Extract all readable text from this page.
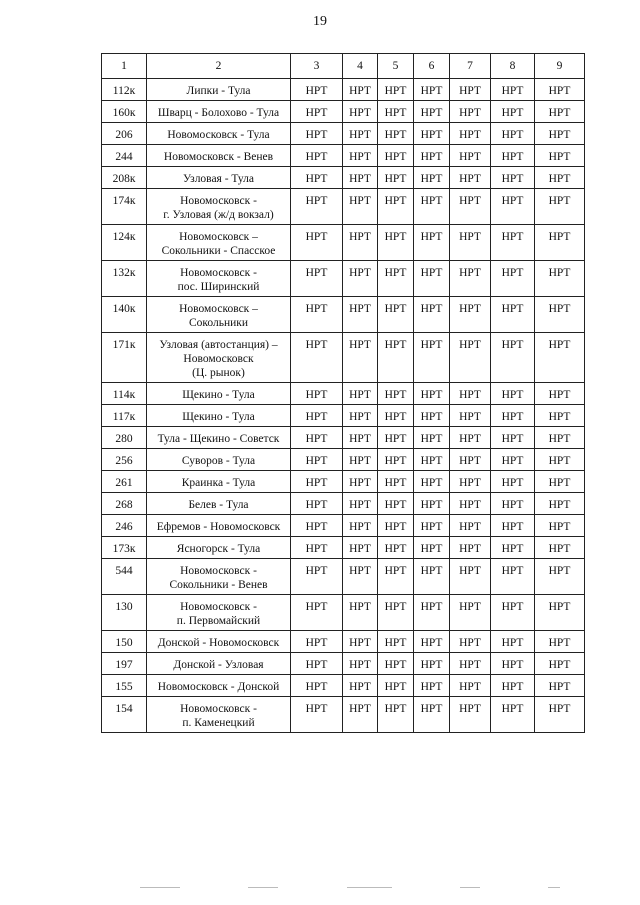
19
1	2	3	4	5	6	7	8	9
112к	Липки - Тула	НРТ	НРТ	НРТ	НРТ	НРТ	НРТ	НРТ
160к	Шварц - Болохово - Тула	НРТ	НРТ	НРТ	НРТ	НРТ	НРТ	НРТ
206	Новомосковск - Тула	НРТ	НРТ	НРТ	НРТ	НРТ	НРТ	НРТ
244	Новомосковск - Венев	НРТ	НРТ	НРТ	НРТ	НРТ	НРТ	НРТ
208к	Узловая - Тула	НРТ	НРТ	НРТ	НРТ	НРТ	НРТ	НРТ
174к	Новомосковск -
г. Узловая (ж/д вокзал)	НРТ	НРТ	НРТ	НРТ	НРТ	НРТ	НРТ
124к	Новомосковск –
Сокольники - Спасское	НРТ	НРТ	НРТ	НРТ	НРТ	НРТ	НРТ
132к	Новомосковск -
пос. Ширинский	НРТ	НРТ	НРТ	НРТ	НРТ	НРТ	НРТ
140к	Новомосковск –
Сокольники	НРТ	НРТ	НРТ	НРТ	НРТ	НРТ	НРТ
171к	Узловая (автостанция) –
Новомосковск
(Ц. рынок)	НРТ	НРТ	НРТ	НРТ	НРТ	НРТ	НРТ
114к	Щекино - Тула	НРТ	НРТ	НРТ	НРТ	НРТ	НРТ	НРТ
117к	Щекино - Тула	НРТ	НРТ	НРТ	НРТ	НРТ	НРТ	НРТ
280	Тула - Щекино - Советск	НРТ	НРТ	НРТ	НРТ	НРТ	НРТ	НРТ
256	Суворов - Тула	НРТ	НРТ	НРТ	НРТ	НРТ	НРТ	НРТ
261	Краинка - Тула	НРТ	НРТ	НРТ	НРТ	НРТ	НРТ	НРТ
268	Белев - Тула	НРТ	НРТ	НРТ	НРТ	НРТ	НРТ	НРТ
246	Ефремов - Новомосковск	НРТ	НРТ	НРТ	НРТ	НРТ	НРТ	НРТ
173к	Ясногорск - Тула	НРТ	НРТ	НРТ	НРТ	НРТ	НРТ	НРТ
544	Новомосковск -
Сокольники - Венев	НРТ	НРТ	НРТ	НРТ	НРТ	НРТ	НРТ
130	Новомосковск -
п. Первомайский	НРТ	НРТ	НРТ	НРТ	НРТ	НРТ	НРТ
150	Донской - Новомосковск	НРТ	НРТ	НРТ	НРТ	НРТ	НРТ	НРТ
197	Донской - Узловая	НРТ	НРТ	НРТ	НРТ	НРТ	НРТ	НРТ
155	Новомосковск - Донской	НРТ	НРТ	НРТ	НРТ	НРТ	НРТ	НРТ
154	Новомосковск -
п. Каменецкий	НРТ	НРТ	НРТ	НРТ	НРТ	НРТ	НРТ
